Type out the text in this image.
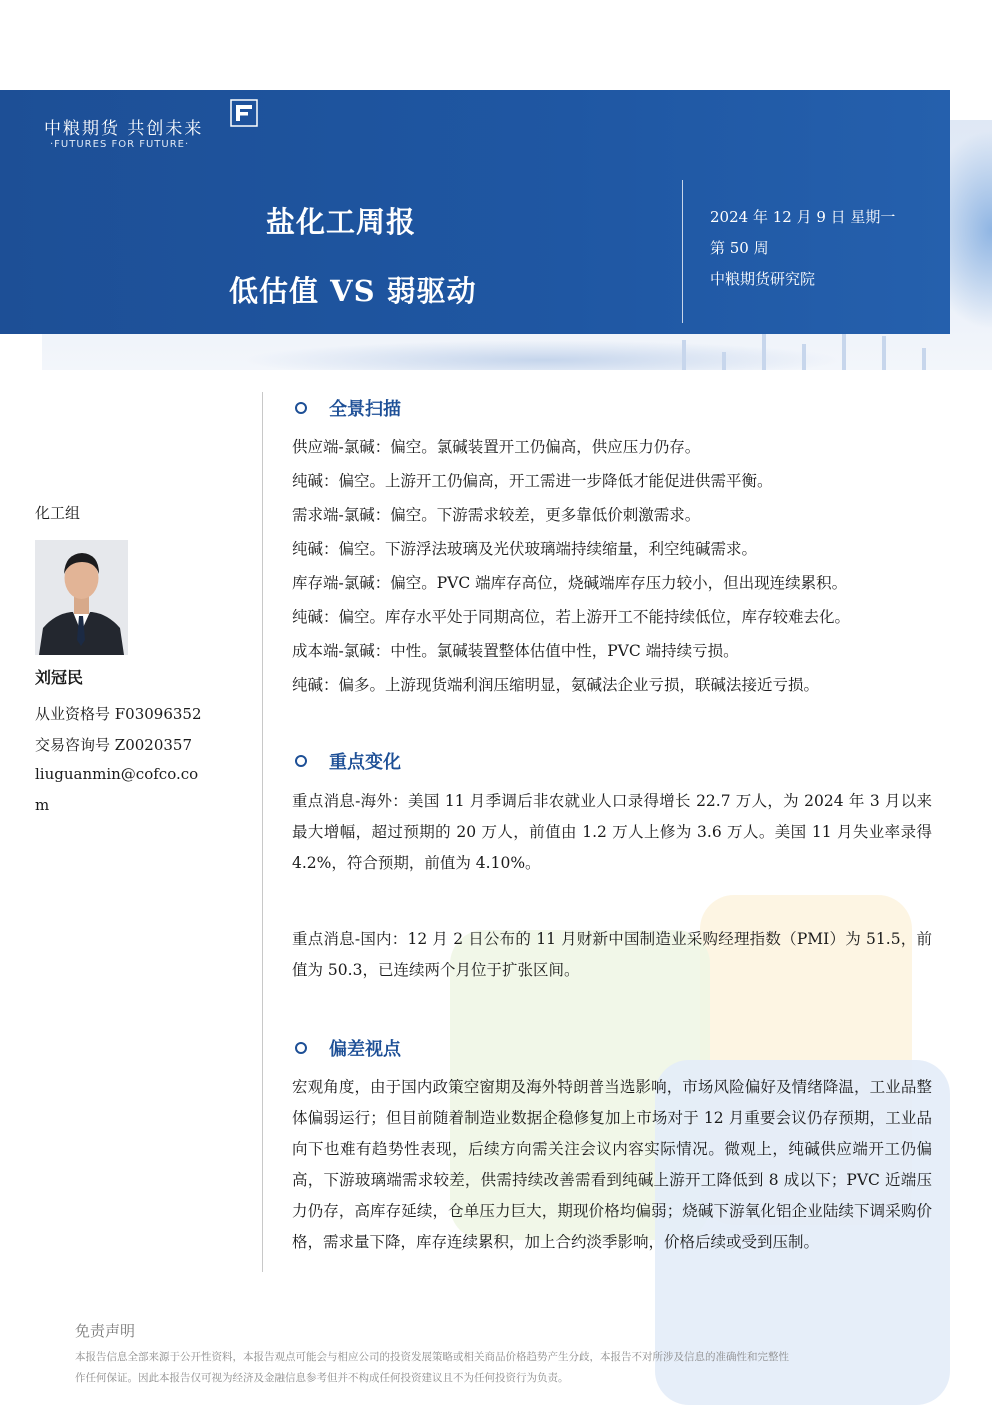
中粮期货 共创未来
·FUTURES FOR FUTURE·
盐化工周报
低估值 VS 弱驱动
2024 年 12 月 9 日 星期一
第 50 周
中粮期货研究院
化工组
刘冠民
从业资格号 F03096352
交易咨询号 Z0020357
liuguanmin@cofco.co
m
全景扫描
供应端-氯碱：偏空。氯碱装置开工仍偏高，供应压力仍存。
纯碱：偏空。上游开工仍偏高，开工需进一步降低才能促进供需平衡。
需求端-氯碱：偏空。下游需求较差，更多靠低价刺激需求。
纯碱：偏空。下游浮法玻璃及光伏玻璃端持续缩量，利空纯碱需求。
库存端-氯碱：偏空。PVC 端库存高位，烧碱端库存压力较小，但出现连续累积。
纯碱：偏空。库存水平处于同期高位，若上游开工不能持续低位，库存较难去化。
成本端-氯碱：中性。氯碱装置整体估值中性，PVC 端持续亏损。
纯碱：偏多。上游现货端利润压缩明显，氨碱法企业亏损，联碱法接近亏损。
重点变化
重点消息-海外：美国 11 月季调后非农就业人口录得增长 22.7 万人，为 2024 年 3 月以来最大增幅，超过预期的 20 万人，前值由 1.2 万人上修为 3.6 万人。美国 11 月失业率录得 4.2%，符合预期，前值为 4.10%。
重点消息-国内：12 月 2 日公布的 11 月财新中国制造业采购经理指数（PMI）为 51.5，前值为 50.3，已连续两个月位于扩张区间。
偏差视点
宏观角度，由于国内政策空窗期及海外特朗普当选影响，市场风险偏好及情绪降温，工业品整体偏弱运行；但目前随着制造业数据企稳修复加上市场对于 12 月重要会议仍存预期，工业品向下也难有趋势性表现，后续方向需关注会议内容实际情况。微观上，纯碱供应端开工仍偏高，下游玻璃端需求较差，供需持续改善需看到纯碱上游开工降低到 8 成以下；PVC 近端压力仍存，高库存延续，仓单压力巨大，期现价格均偏弱；烧碱下游氧化铝企业陆续下调采购价格，需求量下降，库存连续累积，加上合约淡季影响，价格后续或受到压制。
免责声明
本报告信息全部来源于公开性资料，本报告观点可能会与相应公司的投资发展策略或相关商品价格趋势产生分歧，本报告不对所涉及信息的准确性和完整性
作任何保证。因此本报告仅可视为经济及金融信息参考但并不构成任何投资建议且不为任何投资行为负责。
